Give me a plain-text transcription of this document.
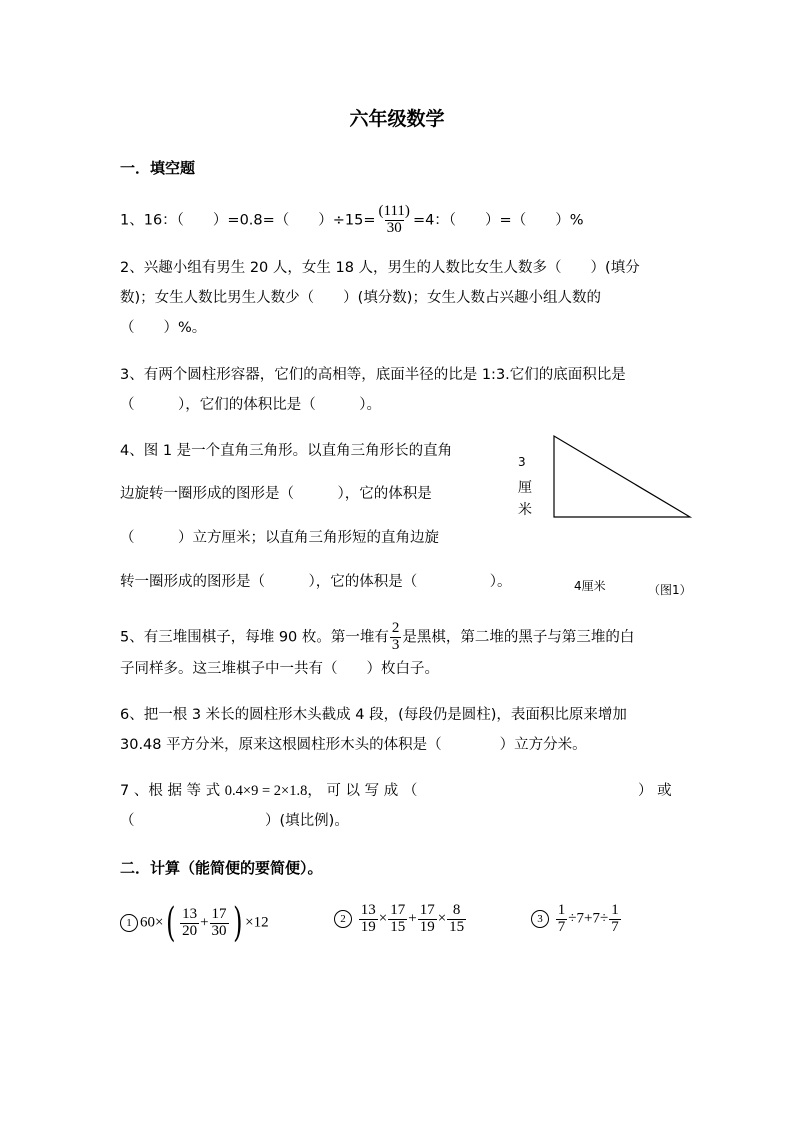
六年级数学
一．填空题
1、16：（　　）=0.8=（　　）$\div 15= \frac{(111)}{30} =4$：（　　）=（　　）%
2、兴趣小组有男生 20 人，女生 18 人，男生的人数比女生人数多（　　）(填分
数)；女生人数比男生人数少（　　）(填分数)；女生人数占兴趣小组人数的
（　　）%。
3、有两个圆柱形容器，它们的高相等，底面半径的比是 1:3.它们的底面积比是
（　　　），它们的体积比是（　　　）。
4、图 1 是一个直角三角形。以直角三角形长的直角
边旋转一圈形成的图形是（　　　），它的体积是
（　　　）立方厘米；以直角三角形短的直角边旋
转一圈形成的图形是（　　　），它的体积是（　　　　　）。
3
厘
米
4厘米	（图1）
5、有三堆围棋子，每堆 90 枚。第一堆有 $\frac{2}{3}$ 是黑棋，第二堆的黑子与第三堆的白
子同样多。这三堆棋子中一共有（　　）枚白子。
6、把一根 3 米长的圆柱形木头截成 4 段，(每段仍是圆柱)，表面积比原来增加
30.48 平方分米，原来这根圆柱形木头的体积是（　　　　）立方分米。
7 、根 据 等 式 0.4×9 = 2×1.8， 可 以 写 成 （	） 或
（　　　　　　　　　）(填比例)。
二．计算（能简便的要简便）。
1 $60\times( \frac{13}{20} + \frac{17}{30}$ ) ×12	$2 \frac{13}{19} \times \frac{17}{15} + \frac{17}{19} \times \frac{8}{15}$	$3 \frac{1}{7} \div 7+7\div \frac{1}{7}$
